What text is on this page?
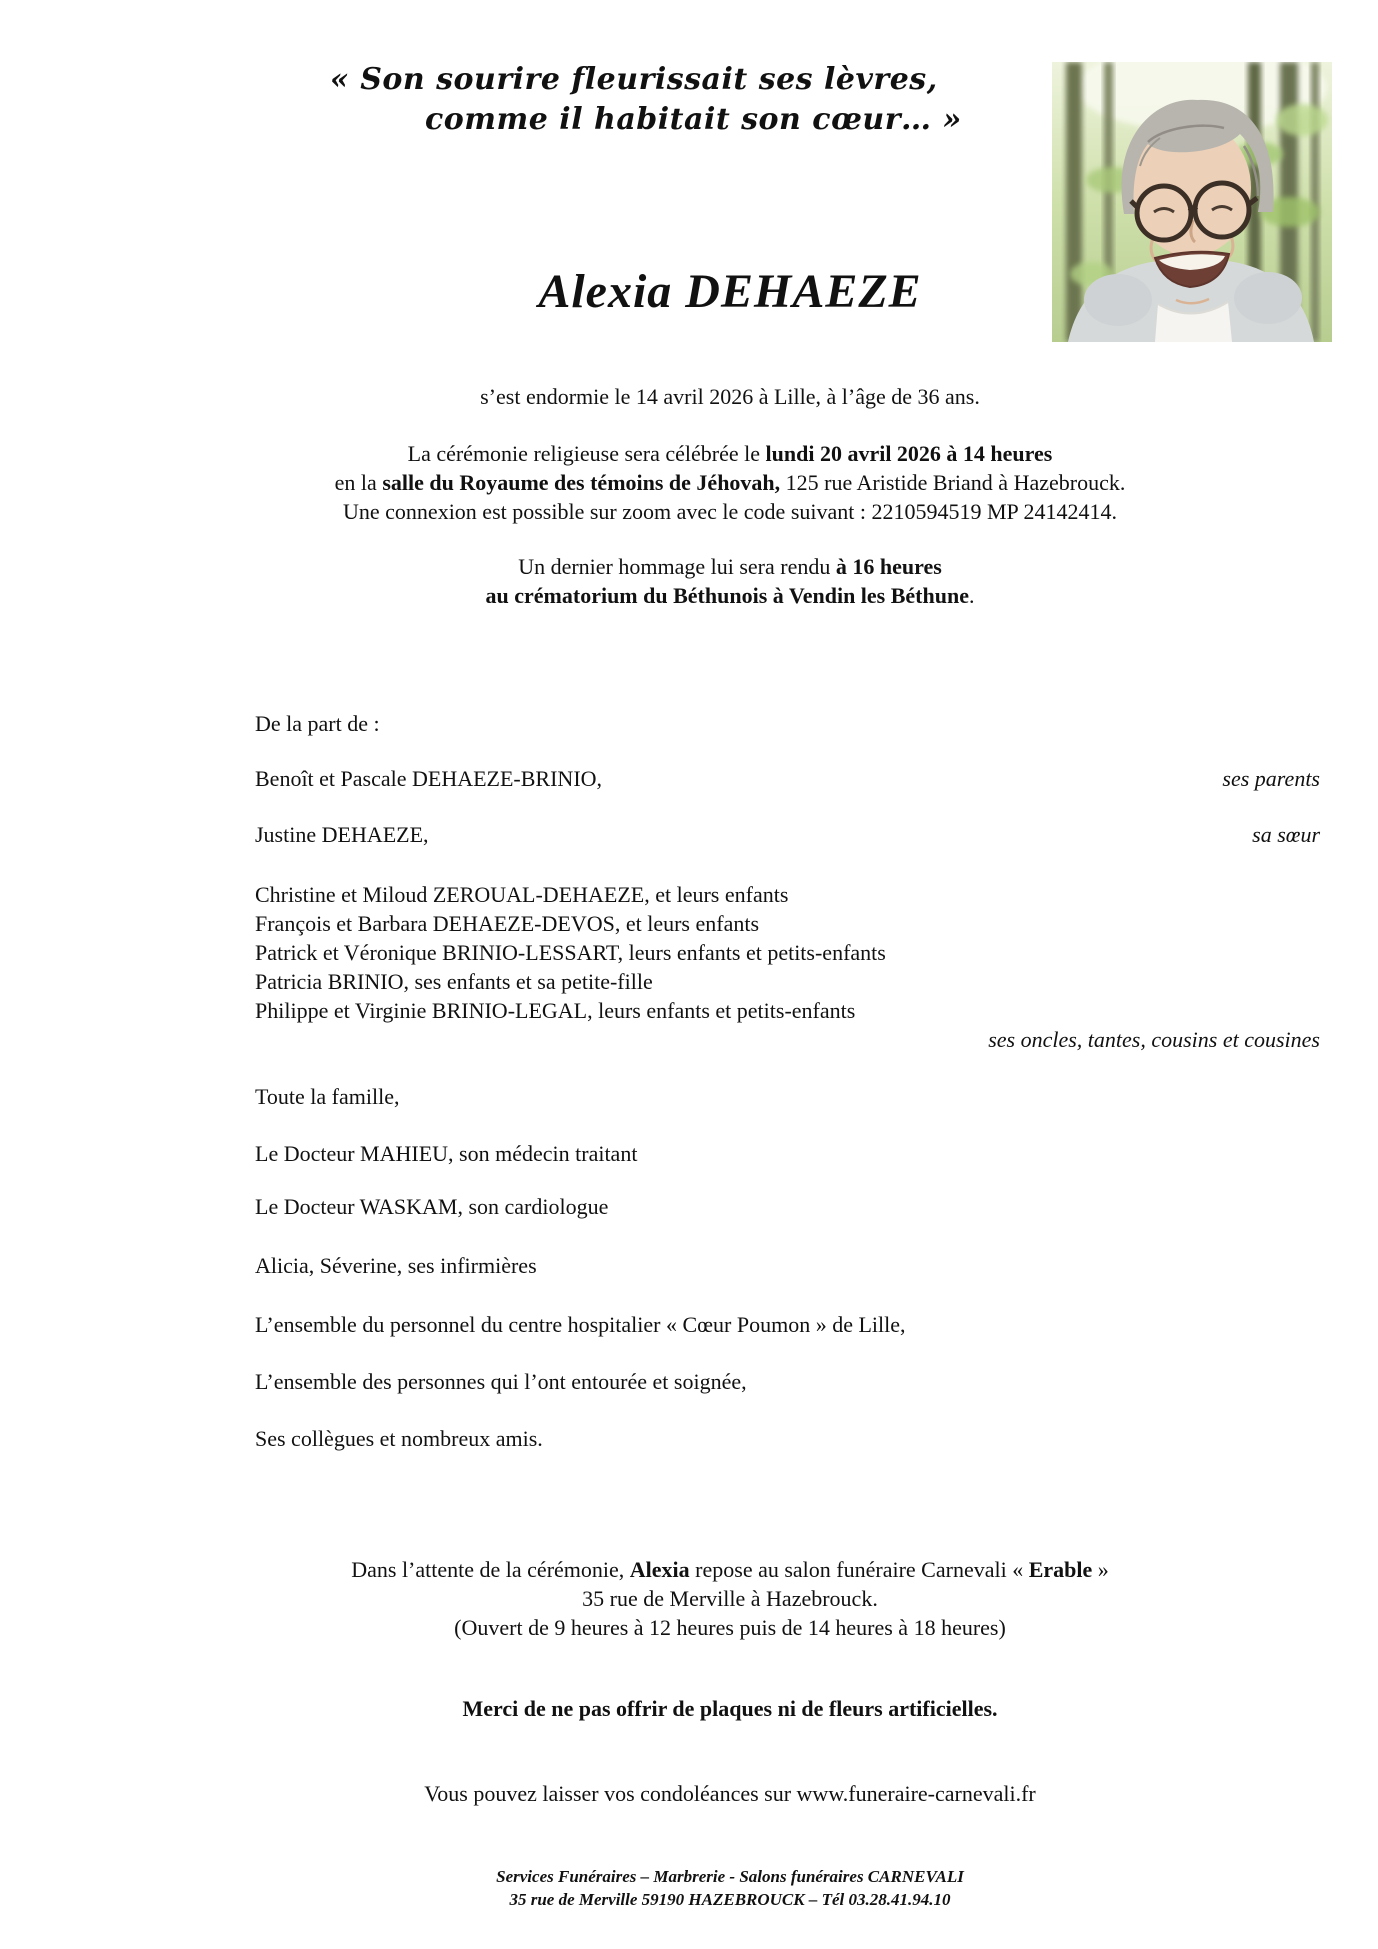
« Son sourire fleurissait ses lèvres,
comme il habitait son cœur… »
Alexia DEHAEZE
s’est endormie le 14 avril 2026 à Lille, à l’âge de 36 ans.
La cérémonie religieuse sera célébrée le lundi 20 avril 2026 à 14 heures
en la salle du Royaume des témoins de Jéhovah, 125 rue Aristide Briand à Hazebrouck.
Une connexion est possible sur zoom avec le code suivant : 2210594519 MP 24142414.
Un dernier hommage lui sera rendu à 16 heures
au crématorium du Béthunois à Vendin les Béthune.
De la part de :
Benoît et Pascale DEHAEZE-BRINIO,	ses parents
Justine DEHAEZE,	sa sœur
Christine et Miloud ZEROUAL-DEHAEZE, et leurs enfants
François et Barbara DEHAEZE-DEVOS, et leurs enfants
Patrick et Véronique BRINIO-LESSART, leurs enfants et petits-enfants
Patricia BRINIO, ses enfants et sa petite-fille
Philippe et Virginie BRINIO-LEGAL, leurs enfants et petits-enfants
ses oncles, tantes, cousins et cousines
Toute la famille,
Le Docteur MAHIEU, son médecin traitant
Le Docteur WASKAM, son cardiologue
Alicia, Séverine, ses infirmières
L’ensemble du personnel du centre hospitalier « Cœur Poumon » de Lille,
L’ensemble des personnes qui l’ont entourée et soignée,
Ses collègues et nombreux amis.
Dans l’attente de la cérémonie, Alexia repose au salon funéraire Carnevali « Erable »
35 rue de Merville à Hazebrouck.
(Ouvert de 9 heures à 12 heures puis de 14 heures à 18 heures)
Merci de ne pas offrir de plaques ni de fleurs artificielles.
Vous pouvez laisser vos condoléances sur www.funeraire-carnevali.fr
Services Funéraires – Marbrerie - Salons funéraires CARNEVALI
35 rue de Merville 59190 HAZEBROUCK – Tél 03.28.41.94.10
